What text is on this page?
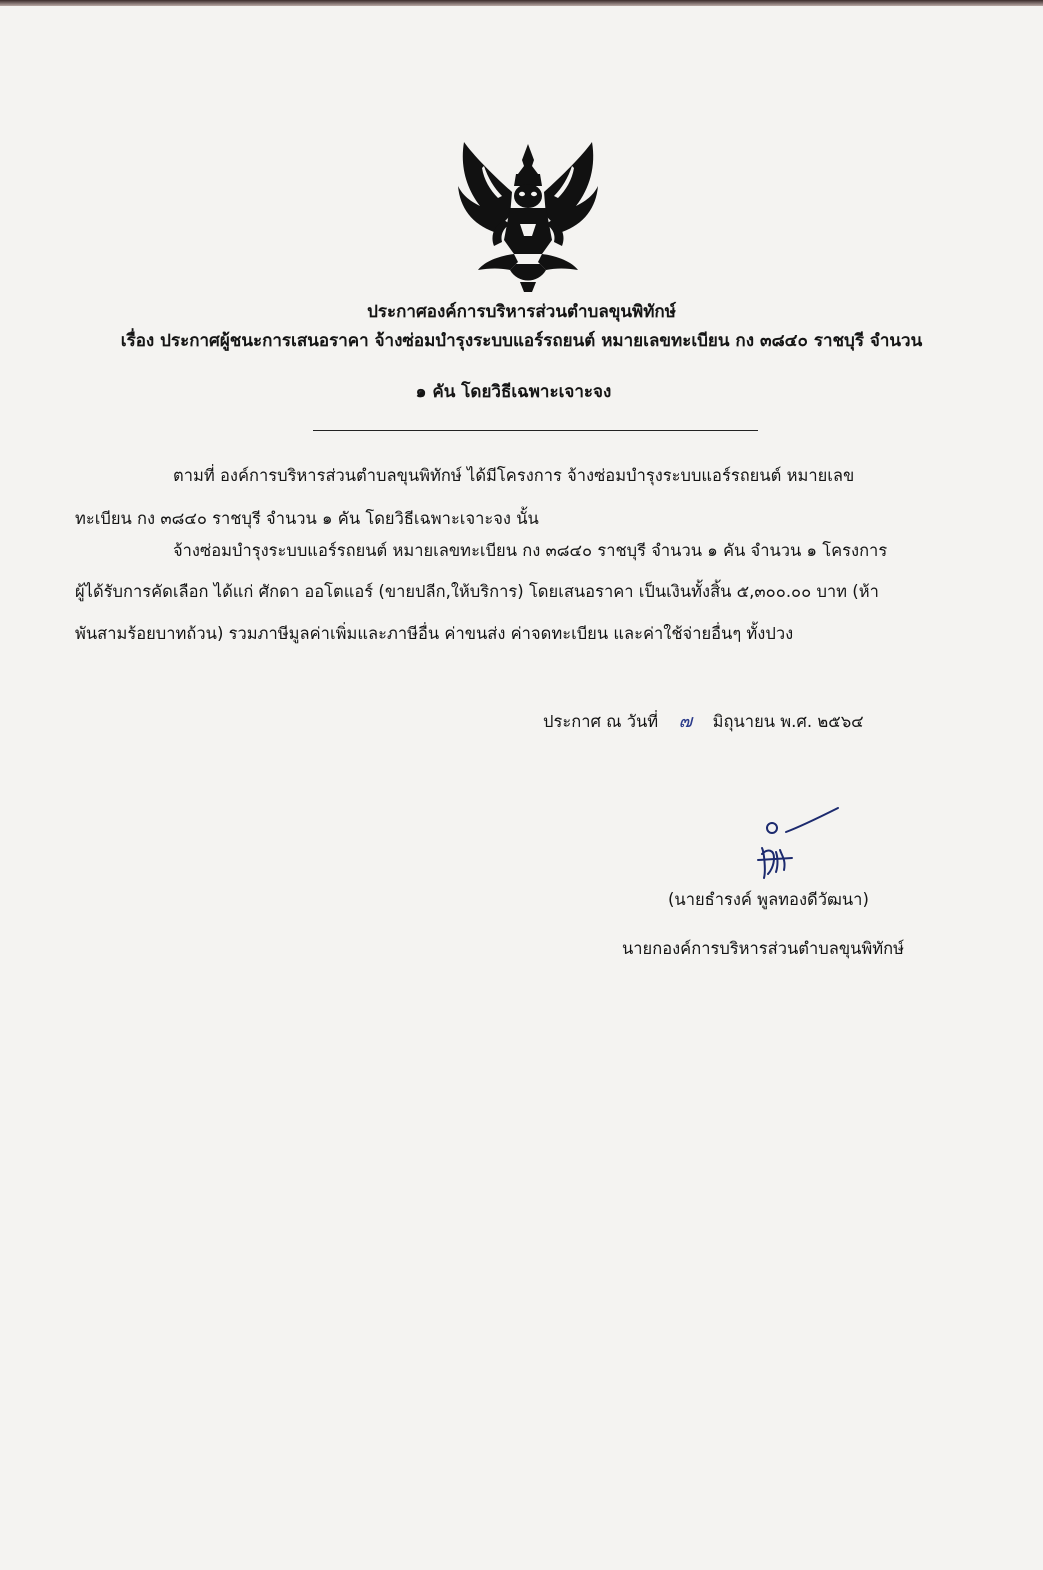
ประกาศองค์การบริหารส่วนตำบลขุนพิทักษ์
เรื่อง ประกาศผู้ชนะการเสนอราคา จ้างซ่อมบำรุงระบบแอร์รถยนต์ หมายเลขทะเบียน กง ๓๘๔๐ ราชบุรี จำนวน
๑ คัน โดยวิธีเฉพาะเจาะจง
ตามที่ องค์การบริหารส่วนตำบลขุนพิทักษ์ ได้มีโครงการ จ้างซ่อมบำรุงระบบแอร์รถยนต์ หมายเลข
ทะเบียน กง ๓๘๔๐ ราชบุรี จำนวน ๑ คัน โดยวิธีเฉพาะเจาะจง นั้น
จ้างซ่อมบำรุงระบบแอร์รถยนต์ หมายเลขทะเบียน กง ๓๘๔๐ ราชบุรี จำนวน ๑ คัน จำนวน ๑ โครงการ
ผู้ได้รับการคัดเลือก ได้แก่ ศักดา ออโตแอร์ (ขายปลีก,ให้บริการ) โดยเสนอราคา เป็นเงินทั้งสิ้น ๕,๓๐๐.๐๐ บาท (ห้า
พันสามร้อยบาทถ้วน) รวมภาษีมูลค่าเพิ่มและภาษีอื่น ค่าขนส่ง ค่าจดทะเบียน และค่าใช้จ่ายอื่นๆ ทั้งปวง
ประกาศ ณ วันที่ ๗ มิถุนายน พ.ศ. ๒๕๖๔
(นายธำรงค์ พูลทองดีวัฒนา)
นายกองค์การบริหารส่วนตำบลขุนพิทักษ์
